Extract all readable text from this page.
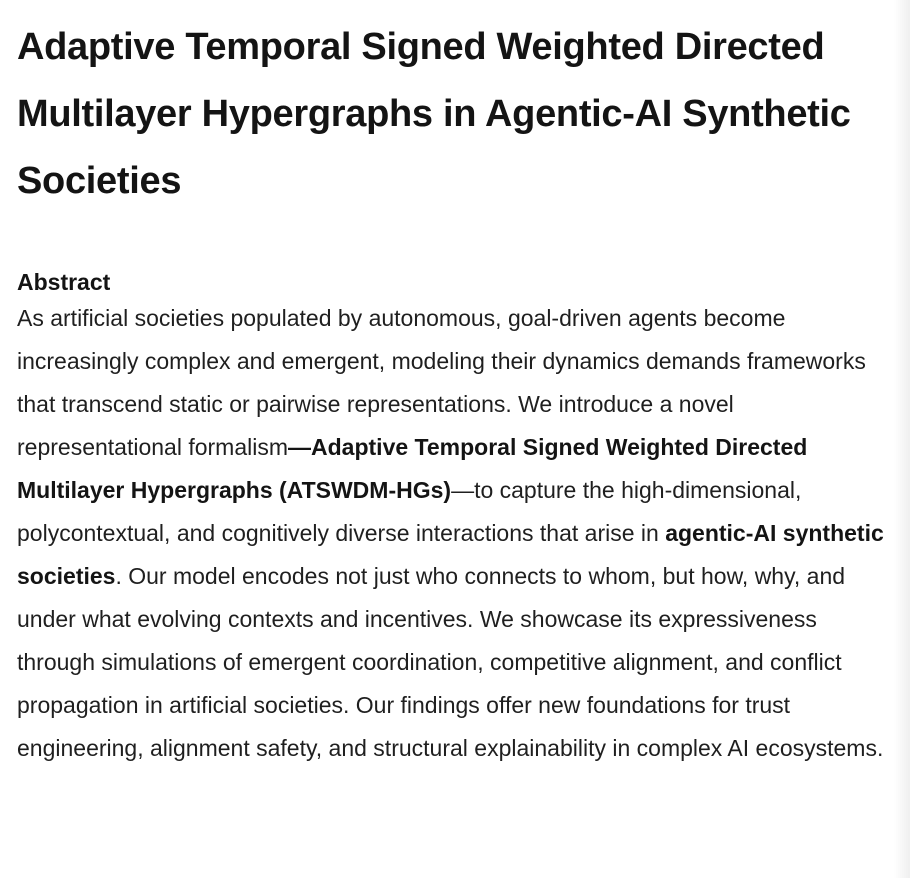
Adaptive Temporal Signed Weighted Directed Multilayer Hypergraphs in Agentic-AI Synthetic Societies
Abstract

As artificial societies populated by autonomous, goal-driven agents become increasingly complex and emergent, modeling their dynamics demands frameworks that transcend static or pairwise representations. We introduce a novel representational formalism—Adaptive Temporal Signed Weighted Directed Multilayer Hypergraphs (ATSWDM-HGs)—to capture the high-dimensional, polycontextual, and cognitively diverse interactions that arise in agentic-AI synthetic societies. Our model encodes not just who connects to whom, but how, why, and under what evolving contexts and incentives. We showcase its expressiveness through simulations of emergent coordination, competitive alignment, and conflict propagation in artificial societies. Our findings offer new foundations for trust engineering, alignment safety, and structural explainability in complex AI ecosystems.
